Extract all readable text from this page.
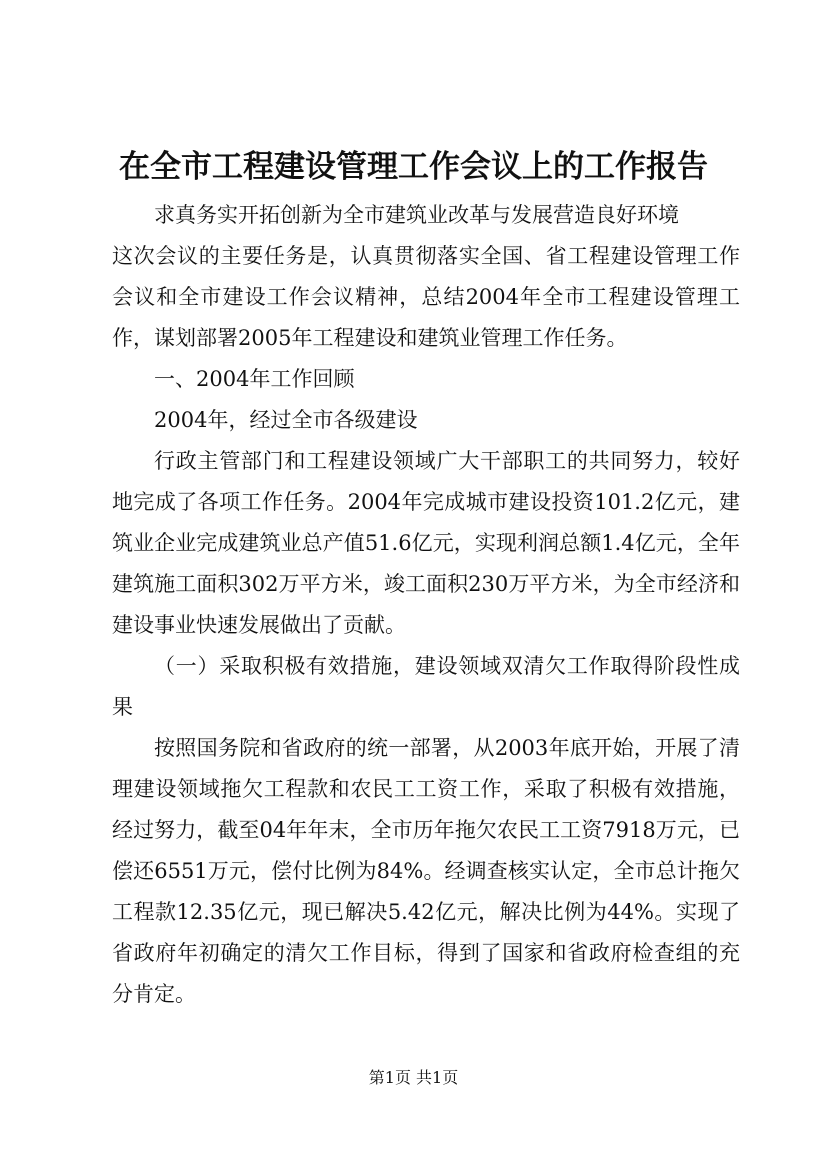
在全市工程建设管理工作会议上的工作报告

求真务实开拓创新为全市建筑业改革与发展营造良好环境

这次会议的主要任务是，认真贯彻落实全国、省工程建设管理工作会议和全市建设工作会议精神，总结2004年全市工程建设管理工作，谋划部署2005年工程建设和建筑业管理工作任务。

一、2004年工作回顾

2004年，经过全市各级建设

行政主管部门和工程建设领域广大干部职工的共同努力，较好地完成了各项工作任务。2004年完成城市建设投资101.2亿元，建筑业企业完成建筑业总产值51.6亿元，实现利润总额1.4亿元，全年建筑施工面积302万平方米，竣工面积230万平方米，为全市经济和建设事业快速发展做出了贡献。

（一）采取积极有效措施，建设领域双清欠工作取得阶段性成果

按照国务院和省政府的统一部署，从2003年底开始，开展了清理建设领域拖欠工程款和农民工工资工作，采取了积极有效措施，经过努力，截至04年年末，全市历年拖欠农民工工资7918万元，已偿还6551万元，偿付比例为84%。经调查核实认定，全市总计拖欠工程款12.35亿元，现已解决5.42亿元，解决比例为44%。实现了省政府年初确定的清欠工作目标，得到了国家和省政府检查组的充分肯定。

第1页 共1页
